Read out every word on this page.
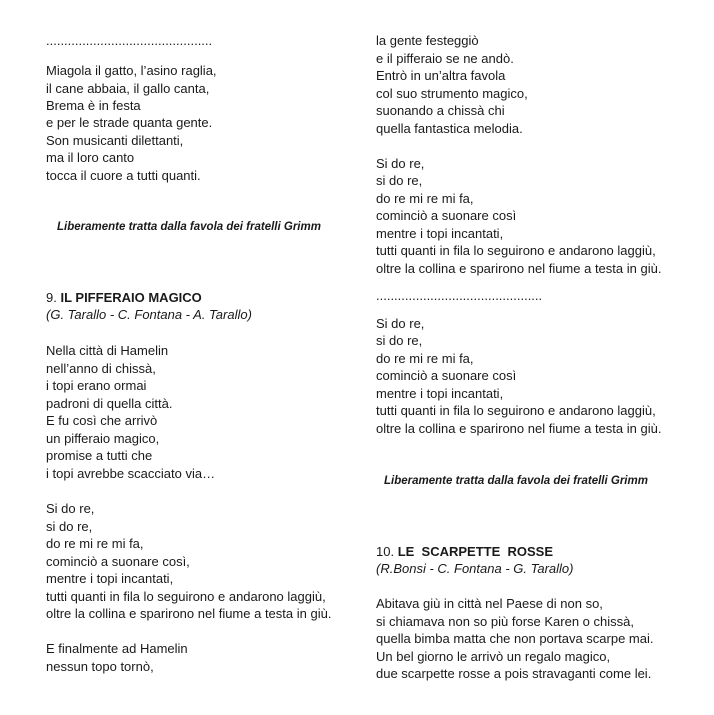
..............................................
Miagola il gatto, l’asino raglia,
il cane abbaia, il gallo canta,
Brema è in festa
e per le strade quanta gente.
Son musicanti dilettanti,
ma il loro canto
tocca il cuore a tutti quanti.
Liberamente tratta dalla favola dei fratelli Grimm
9. IL PIFFERAIO MAGICO
(G. Tarallo - C. Fontana - A. Tarallo)
Nella città di Hamelin
nell’anno di chissà,
i topi erano ormai
padroni di quella città.
E fu così che arrivò
un pifferaio magico,
promise a tutti che
i topi avrebbe scacciato via…
Si do re,
si do re,
do re mi re mi fa,
cominciò a suonare così,
mentre i topi incantati,
tutti quanti in fila lo seguirono e andarono laggiù,
oltre la collina e sparirono nel fiume a testa in giù.
E finalmente ad Hamelin
nessun topo tornò,
la gente festeggiò
e il pifferaio se ne andò.
Entrò in un’altra favola
col suo strumento magico,
suonando a chissà chi
quella fantastica melodia.
Si do re,
si do re,
do re mi re mi fa,
cominciò a suonare così
mentre i topi incantati,
tutti quanti in fila lo seguirono e andarono laggiù,
oltre la collina e sparirono nel fiume a testa in giù.
..............................................
Si do re,
si do re,
do re mi re mi fa,
cominciò a suonare così
mentre i topi incantati,
tutti quanti in fila lo seguirono e andarono laggiù,
oltre la collina e sparirono nel fiume a testa in giù.
Liberamente tratta dalla favola dei fratelli Grimm
10. LE  SCARPETTE  ROSSE
(R.Bonsi - C. Fontana - G. Tarallo)
Abitava giù in città nel Paese di non so,
si chiamava non so più forse Karen o chissà,
quella bimba matta che non portava scarpe mai.
Un bel giorno le arrivò un regalo magico,
due scarpette rosse a pois stravaganti come lei.
